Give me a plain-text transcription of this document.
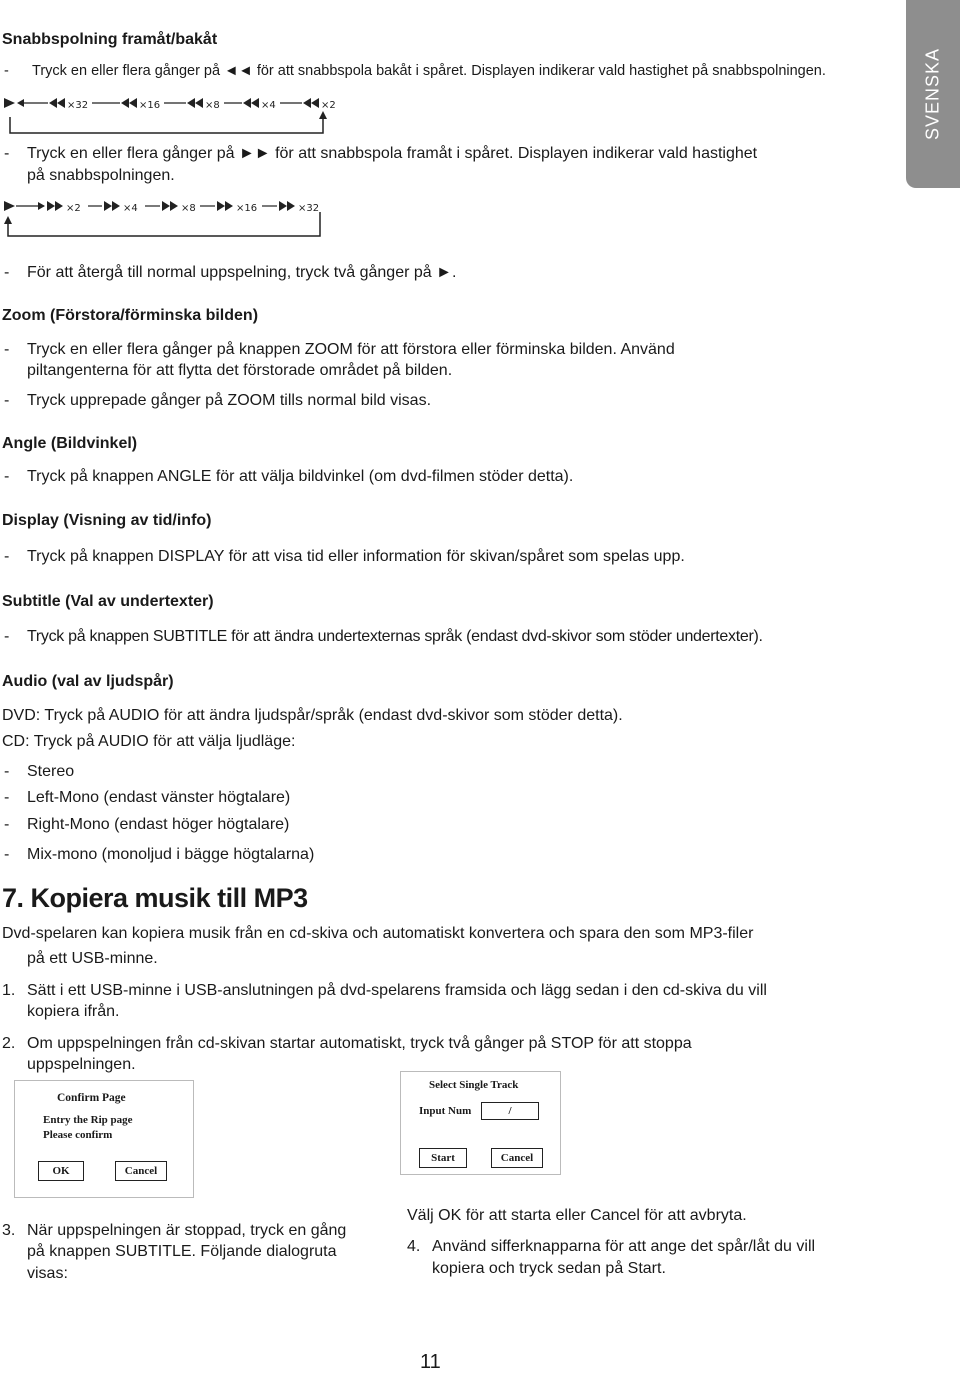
SVENSKA
Snabbspolning framåt/bakåt
- Tryck en eller flera gånger på ◄◄ för att snabbspola bakåt i spåret. Displayen indikerar vald hastighet på snabbspolningen.
×32	×16	×8	×4	×2
- Tryck en eller flera gånger på ►► för att snabbspola framåt i spåret. Displayen indikerar vald hastighet
på snabbspolningen.
×2	×4	×8	×16	×32
- För att återgå till normal uppspelning, tryck två gånger på ►.
Zoom (Förstora/förminska bilden)
- Tryck en eller flera gånger på knappen ZOOM för att förstora eller förminska bilden. Använd
piltangenterna för att flytta det förstorade området på bilden.
- Tryck upprepade gånger på ZOOM tills normal bild visas.
Angle (Bildvinkel)
- Tryck på knappen ANGLE för att välja bildvinkel (om dvd-filmen stöder detta).
Display (Visning av tid/info)
- Tryck på knappen DISPLAY för att visa tid eller information för skivan/spåret som spelas upp.
Subtitle (Val av undertexter)
- Tryck på knappen SUBTITLE för att ändra undertexternas språk (endast dvd-skivor som stöder undertexter).
Audio (val av ljudspår)
DVD: Tryck på AUDIO för att ändra ljudspår/språk (endast dvd-skivor som stöder detta).
CD: Tryck på AUDIO för att välja ljudläge:
- Stereo
- Left-Mono (endast vänster högtalare)
- Right-Mono (endast höger högtalare)
- Mix-mono (monoljud i bägge högtalarna)
7. Kopiera musik till MP3
Dvd-spelaren kan kopiera musik från en cd-skiva och automatiskt konvertera och spara den som MP3-filer
på ett USB-minne.
1. Sätt i ett USB-minne i USB-anslutningen på dvd-spelarens framsida och lägg sedan i den cd-skiva du vill
kopiera ifrån.
2. Om uppspelningen från cd-skivan startar automatiskt, tryck två gånger på STOP för att stoppa
uppspelningen.
Confirm Page
Entry the Rip page
Please confirm
OK	Cancel
Select Single Track
Input Num	/
Start	Cancel
3. När uppspelningen är stoppad, tryck en gång
på knappen SUBTITLE. Följande dialogruta
visas:
Välj OK för att starta eller Cancel för att avbryta.
4. Använd sifferknapparna för att ange det spår/låt du vill
kopiera och tryck sedan på Start.
11
